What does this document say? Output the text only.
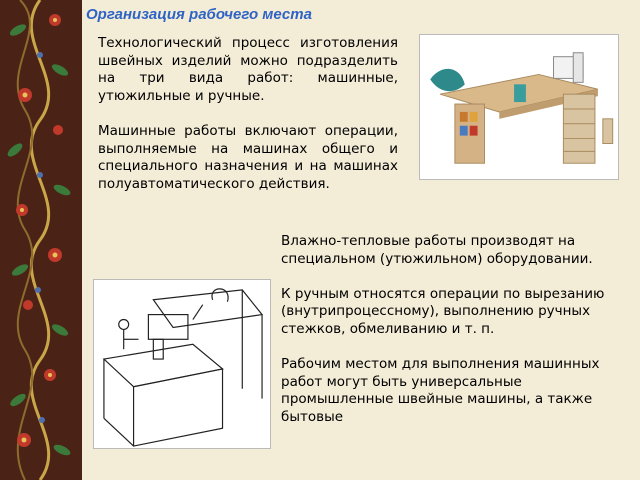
Организация рабочего места

Технологический процесс изготовления швейных изделий можно подразделить на три вида работ: машинные, утюжильные и ручные.

Машинные работы включают операции, выполняемые на машинах общего и специального назначения и на машинах полуавтоматического действия.

Влажно-тепловые работы производят на специальном (утюжильном) оборудовании.

К ручным относятся операции по вырезанию (внутрипроцессному), выполнению ручных стежков, обмеливанию и т. п.

Рабочим местом для выполнения машинных работ могут быть универсальные промышленные швейные машины, а также бытовые
